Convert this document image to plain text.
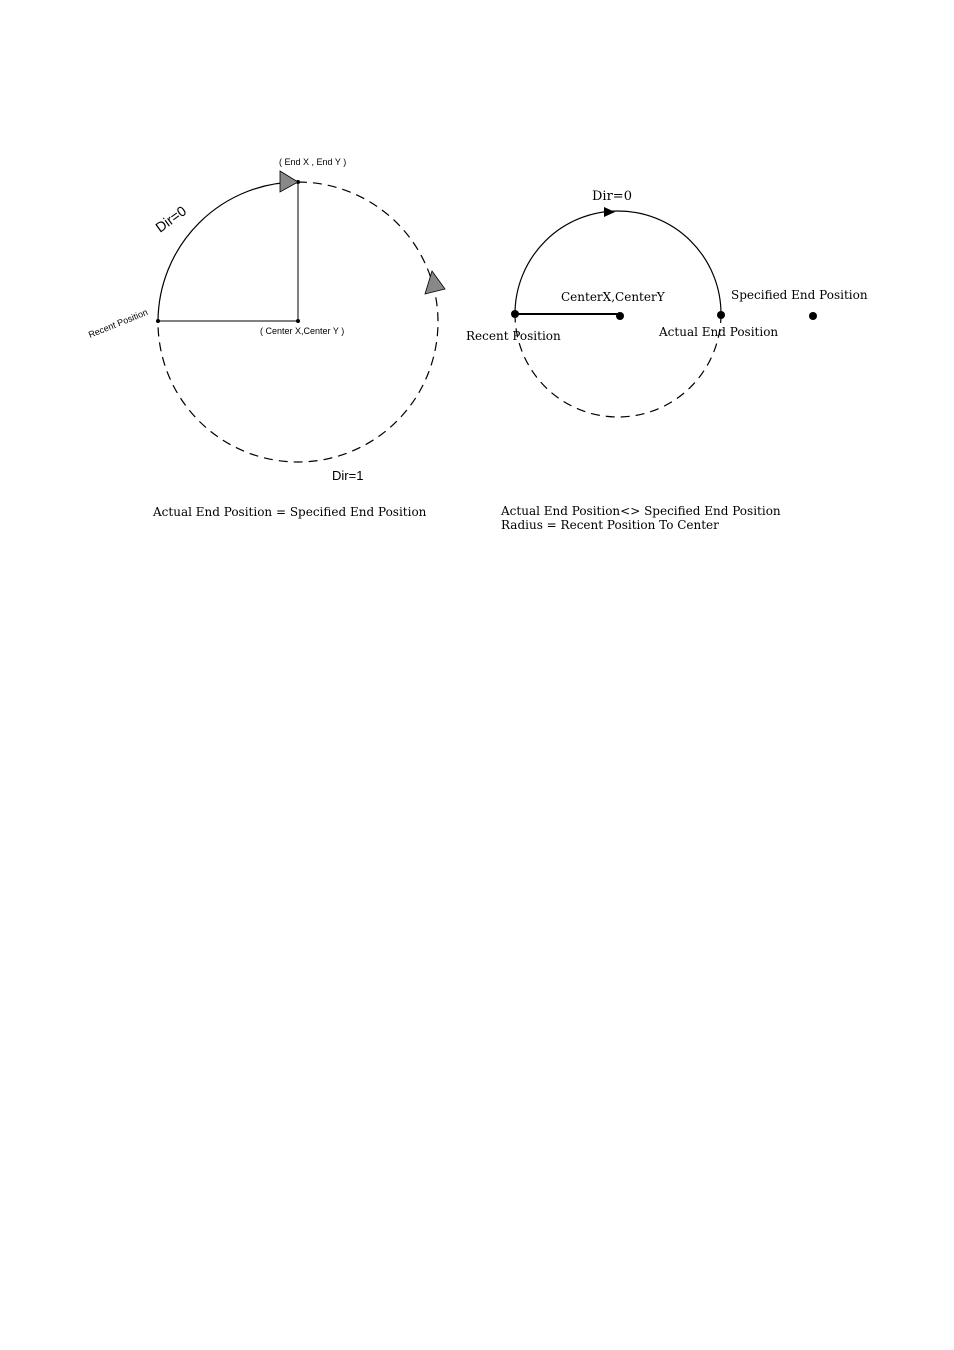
( End X , End Y )
Dir=0
Recent Position	( Center X,Center Y )
Dir=1
Actual End Position = Specified End Position
Dir=0
CenterX,CenterY	Specified End Position
Recent Position	Actual End Position
Actual End Position<> Specified End Position
Radius = Recent Position To Center
